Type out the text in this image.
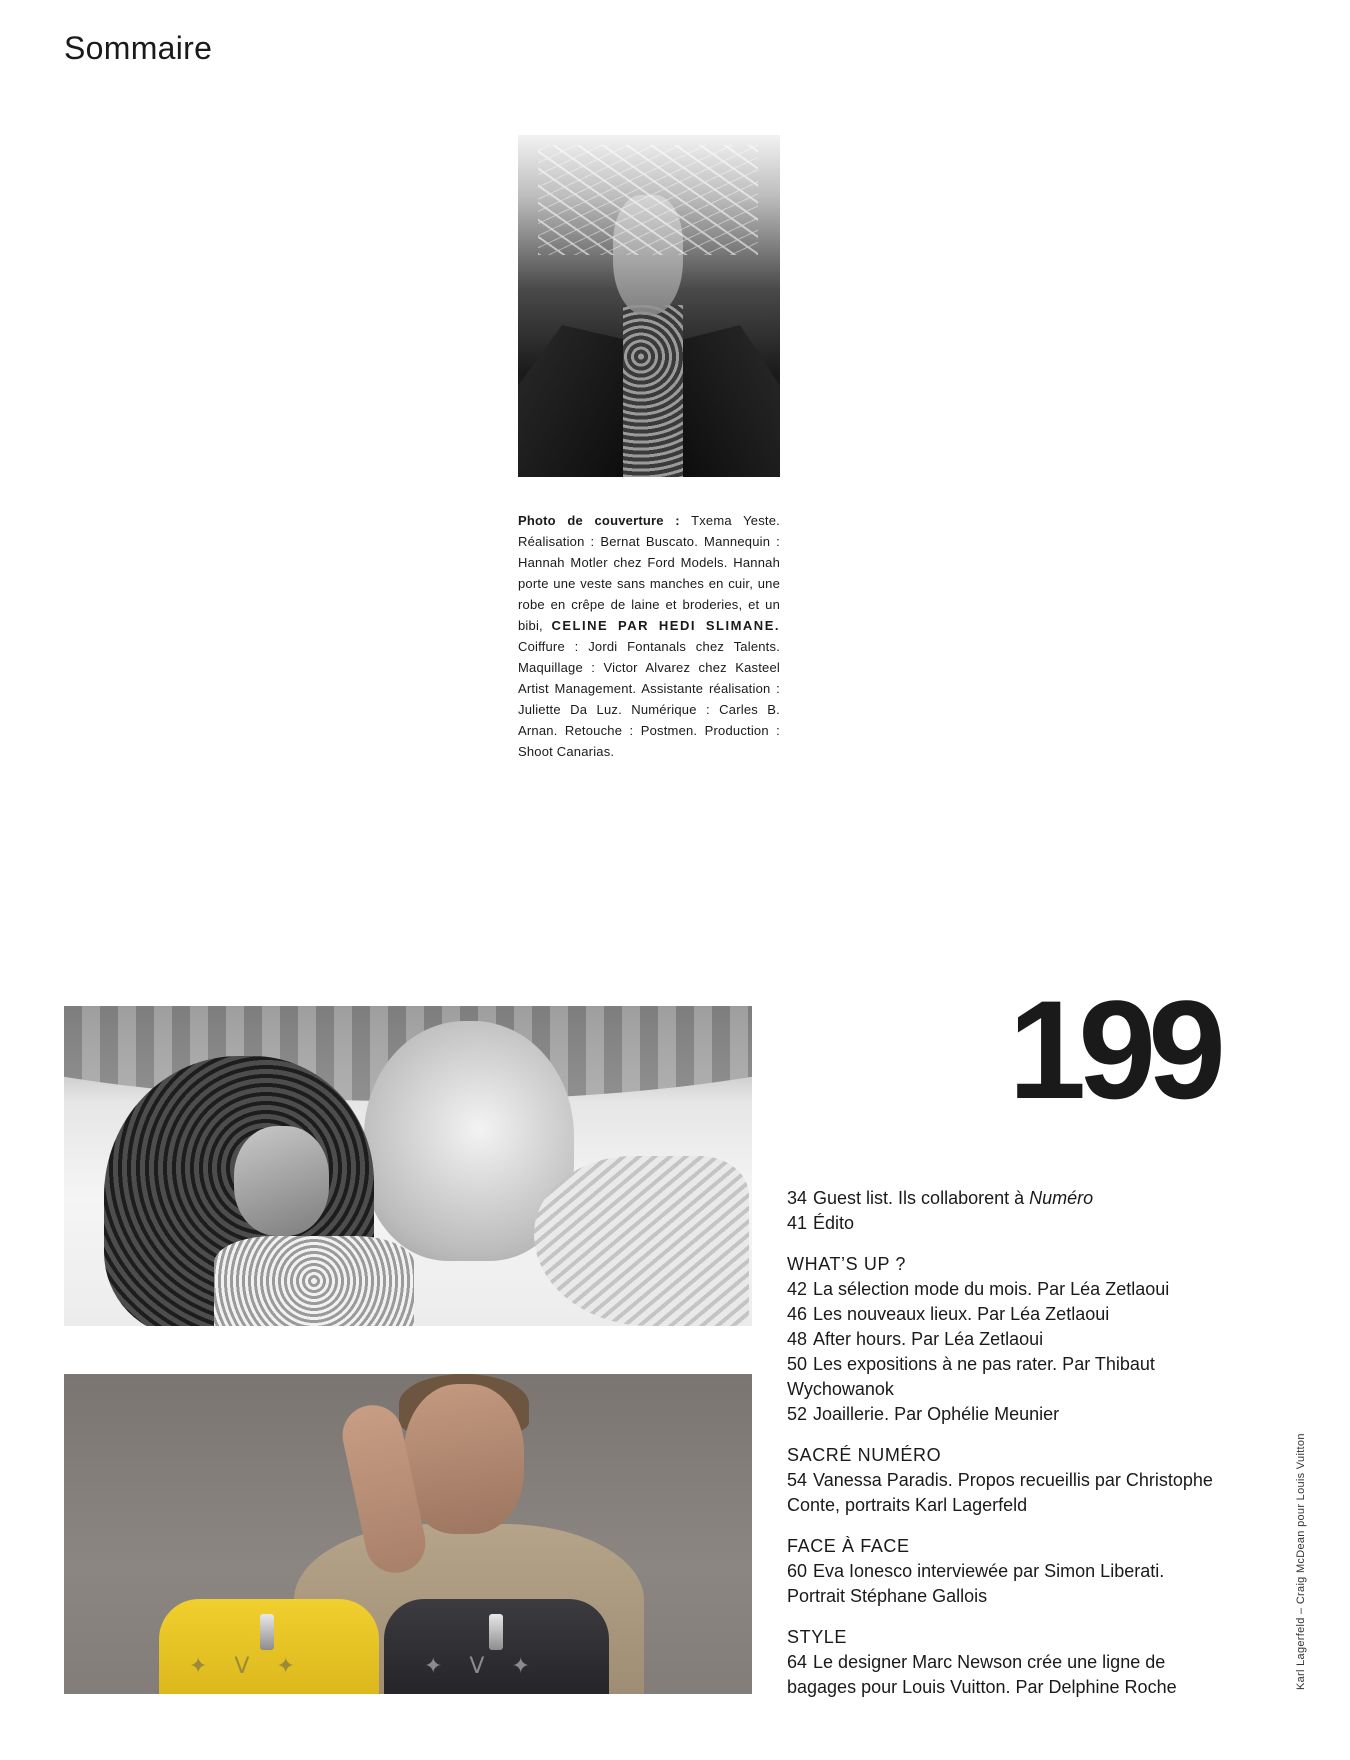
Sommaire
Photo de couverture : Txema Yeste. Réalisation : Bernat Buscato. Mannequin : Hannah Motler chez Ford Models. Hannah porte une veste sans manches en cuir, une robe en crêpe de laine et broderies, et un bibi, CELINE PAR HEDI SLIMANE. Coiffure : Jordi Fontanals chez Talents. Maquillage : Victor Alvarez chez Kasteel Artist Management. Assistante réalisation : Juliette Da Luz. Numérique : Carles B. Arnan. Retouche : Postmen. Production : Shoot Canarias.
199
✦ V ✦	✦ V ✦
34 Guest list. Ils collaborent à Numéro
41 Édito
WHAT’S UP ?
42 La sélection mode du mois. Par Léa Zetlaoui
46 Les nouveaux lieux. Par Léa Zetlaoui
48 After hours. Par Léa Zetlaoui
50 Les expositions à ne pas rater. Par Thibaut Wychowanok
52 Joaillerie. Par Ophélie Meunier
SACRÉ NUMÉRO
54 Vanessa Paradis. Propos recueillis par Christophe Conte, portraits Karl Lagerfeld
FACE À FACE
60 Eva Ionesco interviewée par Simon Liberati. Portrait Stéphane Gallois
STYLE
64 Le designer Marc Newson crée une ligne de bagages pour Louis Vuitton. Par Delphine Roche	Karl Lagerfeld – Craig McDean pour Louis Vuitton
